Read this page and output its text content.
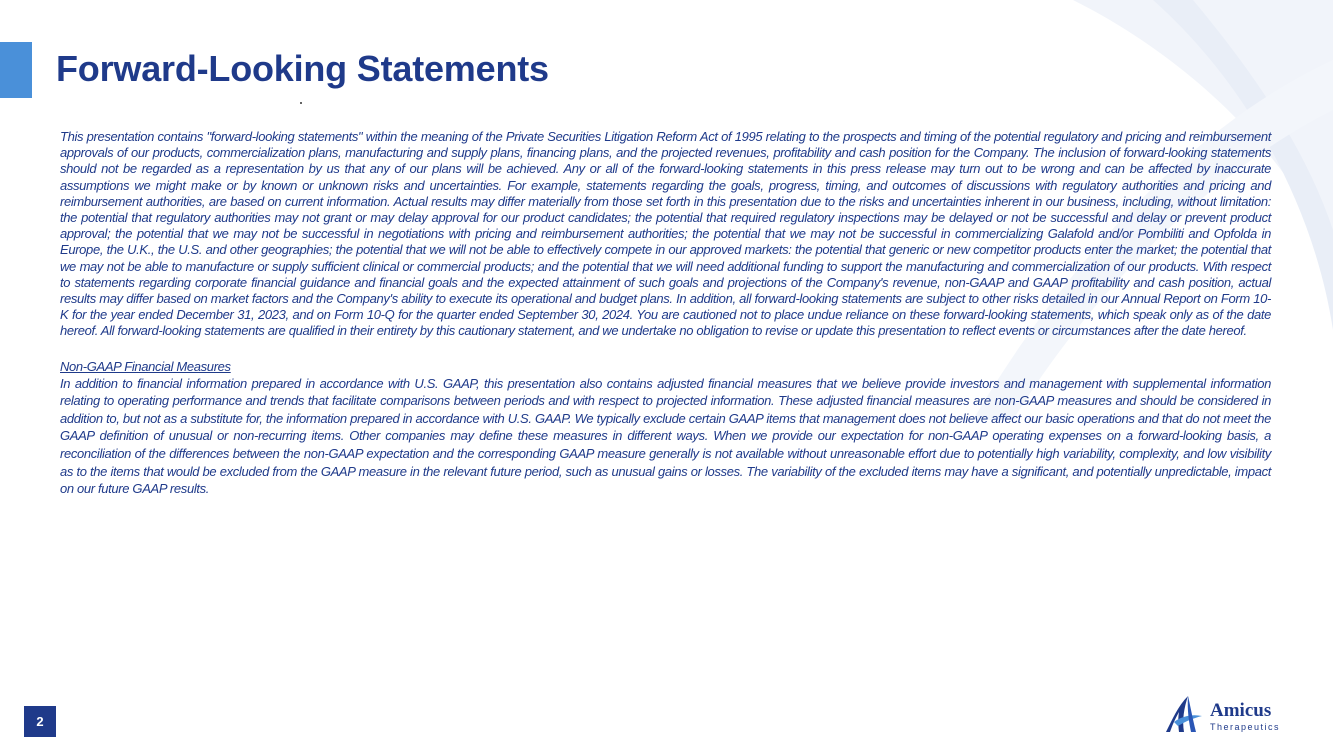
Forward-Looking Statements

This presentation contains "forward-looking statements" within the meaning of the Private Securities Litigation Reform Act of 1995 relating to the prospects and timing of the potential regulatory and pricing and reimbursement approvals of our products, commercialization plans, manufacturing and supply plans, financing plans, and the projected revenues, profitability and cash position for the Company. The inclusion of forward-looking statements should not be regarded as a representation by us that any of our plans will be achieved. Any or all of the forward-looking statements in this press release may turn out to be wrong and can be affected by inaccurate assumptions we might make or by known or unknown risks and uncertainties. For example, statements regarding the goals, progress, timing, and outcomes of discussions with regulatory authorities and pricing and reimbursement authorities, are based on current information. Actual results may differ materially from those set forth in this presentation due to the risks and uncertainties inherent in our business, including, without limitation: the potential that regulatory authorities may not grant or may delay approval for our product candidates; the potential that required regulatory inspections may be delayed or not be successful and delay or prevent product approval; the potential that we may not be successful in negotiations with pricing and reimbursement authorities; the potential that we may not be successful in commercializing Galafold and/or Pombiliti and Opfolda in Europe, the U.K., the U.S. and other geographies; the potential that we will not be able to effectively compete in our approved markets: the potential that generic or new competitor products enter the market; the potential that we may not be able to manufacture or supply sufficient clinical or commercial products; and the potential that we will need additional funding to support the manufacturing and commercialization of our products. With respect to statements regarding corporate financial guidance and financial goals and the expected attainment of such goals and projections of the Company's revenue, non-GAAP and GAAP profitability and cash position, actual results may differ based on market factors and the Company's ability to execute its operational and budget plans. In addition, all forward-looking statements are subject to other risks detailed in our Annual Report on Form 10-K for the year ended December 31, 2023, and on Form 10-Q for the quarter ended September 30, 2024. You are cautioned not to place undue reliance on these forward-looking statements, which speak only as of the date hereof. All forward-looking statements are qualified in their entirety by this cautionary statement, and we undertake no obligation to revise or update this presentation to reflect events or circumstances after the date hereof.

Non-GAAP Financial Measures

In addition to financial information prepared in accordance with U.S. GAAP, this presentation also contains adjusted financial measures that we believe provide investors and management with supplemental information relating to operating performance and trends that facilitate comparisons between periods and with respect to projected information. These adjusted financial measures are non-GAAP measures and should be considered in addition to, but not as a substitute for, the information prepared in accordance with U.S. GAAP. We typically exclude certain GAAP items that management does not believe affect our basic operations and that do not meet the GAAP definition of unusual or non-recurring items. Other companies may define these measures in different ways. When we provide our expectation for non-GAAP operating expenses on a forward-looking basis, a reconciliation of the differences between the non-GAAP expectation and the corresponding GAAP measure generally is not available without unreasonable effort due to potentially high variability, complexity, and low visibility as to the items that would be excluded from the GAAP measure in the relevant future period, such as unusual gains or losses. The variability of the excluded items may have a significant, and potentially unpredictable, impact on our future GAAP results.

2
Amicus
Therapeutics
